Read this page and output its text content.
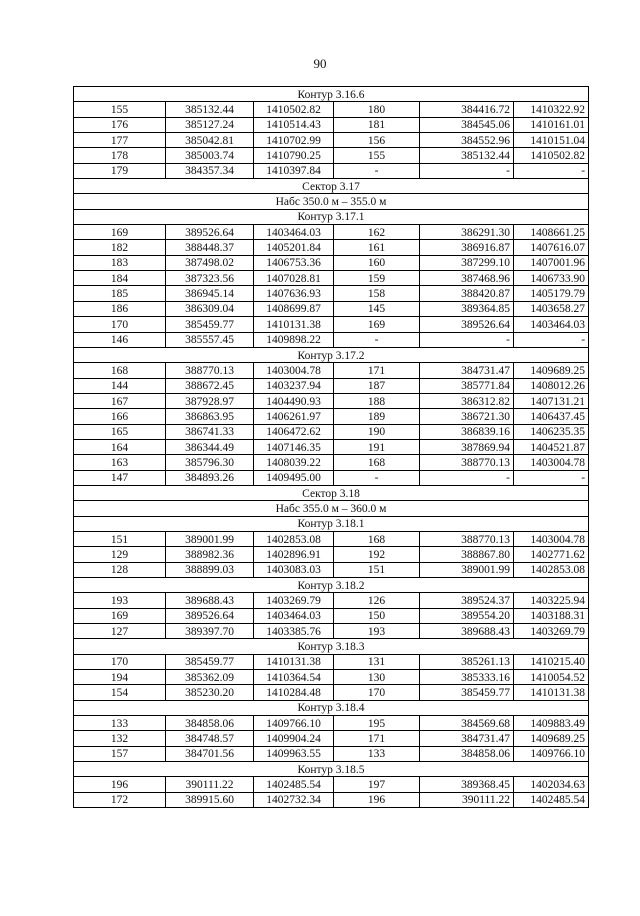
90
Контур 3.16.6					
155	385132.44	1410502.82	180	384416.72	1410322.92
176	385127.24	1410514.43	181	384545.06	1410161.01
177	385042.81	1410702.99	156	384552.96	1410151.04
178	385003.74	1410790.25	155	385132.44	1410502.82
179	384357.34	1410397.84	-	-	-
Сектор 3.17					
Набс 350.0 м – 355.0 м					
Контур 3.17.1					
169	389526.64	1403464.03	162	386291.30	1408661.25
182	388448.37	1405201.84	161	386916.87	1407616.07
183	387498.02	1406753.36	160	387299.10	1407001.96
184	387323.56	1407028.81	159	387468.96	1406733.90
185	386945.14	1407636.93	158	388420.87	1405179.79
186	386309.04	1408699.87	145	389364.85	1403658.27
170	385459.77	1410131.38	169	389526.64	1403464.03
146	385557.45	1409898.22	-	-	-
Контур 3.17.2					
168	388770.13	1403004.78	171	384731.47	1409689.25
144	388672.45	1403237.94	187	385771.84	1408012.26
167	387928.97	1404490.93	188	386312.82	1407131.21
166	386863.95	1406261.97	189	386721.30	1406437.45
165	386741.33	1406472.62	190	386839.16	1406235.35
164	386344.49	1407146.35	191	387869.94	1404521.87
163	385796.30	1408039.22	168	388770.13	1403004.78
147	384893.26	1409495.00	-	-	-
Сектор 3.18					
Набс 355.0 м – 360.0 м					
Контур 3.18.1					
151	389001.99	1402853.08	168	388770.13	1403004.78
129	388982.36	1402896.91	192	388867.80	1402771.62
128	388899.03	1403083.03	151	389001.99	1402853.08
Контур 3.18.2					
193	389688.43	1403269.79	126	389524.37	1403225.94
169	389526.64	1403464.03	150	389554.20	1403188.31
127	389397.70	1403385.76	193	389688.43	1403269.79
Контур 3.18.3					
170	385459.77	1410131.38	131	385261.13	1410215.40
194	385362.09	1410364.54	130	385333.16	1410054.52
154	385230.20	1410284.48	170	385459.77	1410131.38
Контур 3.18.4					
133	384858.06	1409766.10	195	384569.68	1409883.49
132	384748.57	1409904.24	171	384731.47	1409689.25
157	384701.56	1409963.55	133	384858.06	1409766.10
Контур 3.18.5					
196	390111.22	1402485.54	197	389368.45	1402034.63
172	389915.60	1402732.34	196	390111.22	1402485.54
